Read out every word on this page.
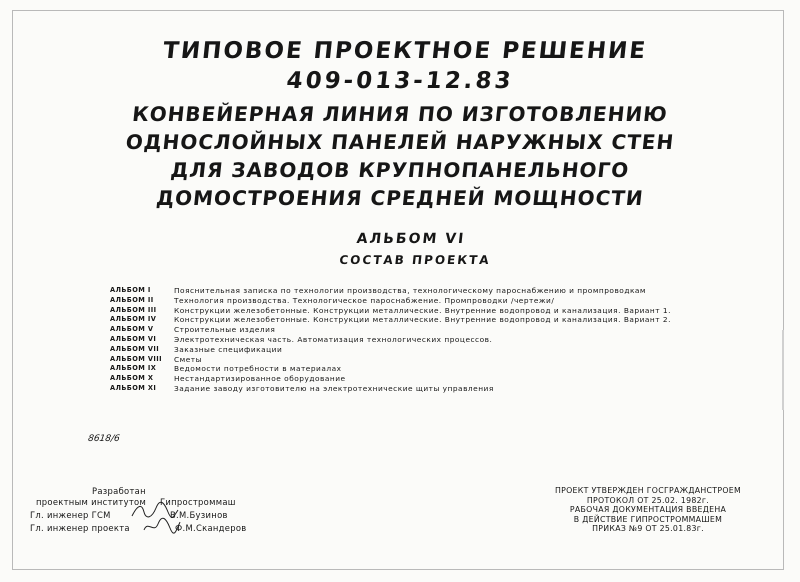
ТИПОВОЕ ПРОЕКТНОЕ РЕШЕНИЕ
409-013-12.83
КОНВЕЙЕРНАЯ ЛИНИЯ ПО ИЗГОТОВЛЕНИЮ
ОДНОСЛОЙНЫХ ПАНЕЛЕЙ НАРУЖНЫХ СТЕН
ДЛЯ ЗАВОДОВ КРУПНОПАНЕЛЬНОГО
ДОМОСТРОЕНИЯ СРЕДНЕЙ МОЩНОСТИ
АЛЬБОМ VI
СОСТАВ ПРОЕКТА
АЛЬБОМ I	Пояснительная записка по технологии производства, технологическому пароснабжению и промпроводкам
АЛЬБОМ II	Технология производства. Технологическое пароснабжение. Промпроводки /чертежи/
АЛЬБОМ III	Конструкции железобетонные. Конструкции металлические. Внутренние водопровод и канализация. Вариант 1.
АЛЬБОМ IV	Конструкции железобетонные. Конструкции металлические. Внутренние водопровод и канализация. Вариант 2.
АЛЬБОМ V	Строительные изделия
АЛЬБОМ VI	Электротехническая часть. Автоматизация технологических процессов.
АЛЬБОМ VII	Заказные спецификации
АЛЬБОМ VIII	Сметы
АЛЬБОМ IX	Ведомости потребности в материалах
АЛЬБОМ X	Нестандартизированное оборудование
АЛЬБОМ XI	Задание заводу изготовителю на электротехнические щиты управления
8618/6
Разработан
проектным институтом Гипростроммаш
Гл. инженер ГСМ	В.М.Бузинов
Гл. инженер проекта	Ф.М.Скандеров
ПРОЕКТ УТВЕРЖДЕН ГОСГРАЖДАНСТРОЕМ
ПРОТОКОЛ ОТ 25.02. 1982г.
РАБОЧАЯ ДОКУМЕНТАЦИЯ ВВЕДЕНА
В ДЕЙСТВИЕ ГИПРОСТРОММАШЕМ
ПРИКАЗ №9 ОТ 25.01.83г.
